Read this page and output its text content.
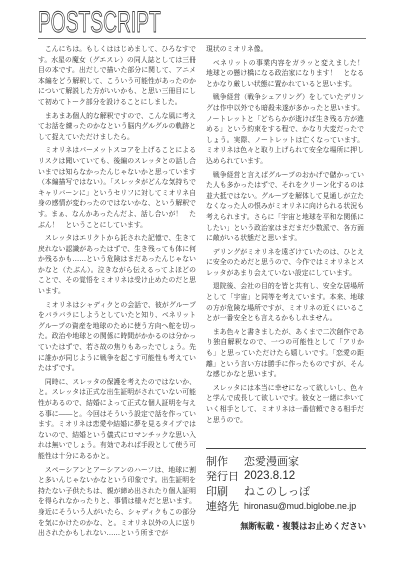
POSTSCRIPT

こんにちは。もしくははじめまして、ひろなすです。水星の魔女（グエスレ）の同人誌としては三冊目の本です。出だしで描いた部分に関して、アニメ本編をどう解釈して、こういう可能性があったのかについて解説した方がいいかも、と思い三冊目にして初めてトーク部分を設けることにしました。

まあまあ個人的な解釈ですので、こんな風に考えてお話を練ったのかなという脳内グルグルの軌跡として捉えていただけましたら。

ミオリネはパーメットスコアを上げることによるリスクは聞いていても、後編のスレッタとの話し合いまでは知らなかったんじゃないかと思っています（本編描写ではない）。「スレッタがどんな気持ちでキャリバーンに」というセリフに対してミオリネ自身の感情が変わったのではないかな、という解釈です。まぁ、なんかあったんだよ、話し合いが！　たぶん！　ということにしています。

スレッタはエリクトから託された記憶で、生きて戻れない認識があったはずで、生き残っても体に何か残るかも……という危険はまだあったんじゃないかなと（たぶん）。泣きながら伝えるってよほどのことで、その覚悟をミオリネは受け止めたのだと思います。

ミオリネはシャディクとの会話で、彼がグループをバラバラにしようとしていたと知り、ベネリットグループの資産を地球のために使う方向へ舵を切った。政治や地球との関係に時間がかかるのは分かっていたはずで、若さ故の焦りもあったでしょう。先に誰かが同じように戦争を起こす可能性も考えていたはずです。

同時に、スレッタの保護を考えたのではないか、と。スレッタは正式な出生証明がされていない可能性があるので、結婚によって正式な個人証明を与える事に――と。今回はそういう設定で話を作っています。ミオリネは恋愛や結婚に夢を見るタイプではないので、結婚という儀式にロマンチックな思い入れは無いでしょう。有効であれば手段として使う可能性は十分にあるかと。

スペーシアンとアーシアンのハーフは、地球に割と多いんじゃないかなという印象です。出生証明を持たない子供たちは、親が締め出されたり個人証明を得られなかったりと、事情は様々だと思います。身近にそういう人がいたら、シャディクもこの部分を気にかけたのかな、と。ミオリネ以外の人に送り出されたかもしれない……という所までが

現状のミオリネ像。

ベネリットの事業内容をガラッと変えました！　地球との懸け橋になる政治家になります！　となるとかなり厳しい状態に置かれていると思います。

戦争経営（戦争シェアリング）をしていたデリングは作中以外でも暗殺未遂が多かったと思います。ノートレットと「どちらかが逝けば生き残る方が進める」という約束をする程で、かなり大変だったでしょう。実際、ノートレットは亡くなっています。ミオリネは色々と取り上げられて安全な場所に押し込められています。

戦争経営と言えばグループのおかげで儲かっていた人も多かったはずで、それをクリーン化するのは並大抵ではない。グループを解体して見通しが立たなくなった人の恨みがミオリネに向けられる状況も考えられます。さらに「宇宙と地球を平和な関係にしたい」という政治家はまだまだ少数派で、各方面に敵がいる状態だと思います。

デリングがミオリネを遠ざけていたのは、ひとえに安全のためだと思うので、今作ではミオリネとスレッタがあまり会えていない設定にしています。

退院後、会社の目的を皆と共有し、安全な居場所として「宇宙」と同等を考えています。本来、地球の方が危険な場所ですが、ミオリネの近くにいることが一番安全とも言えるかもしれません。

まあ色々と書きましたが、あくまで二次創作であり独自解釈なので、一つの可能性として「アリかも」と思っていただけたら嬉しいです。「恋愛の距離」という言い方は勝手に作ったものですが、そんな感じかなと思います。

スレッタには本当に幸せになって欲しいし、色々と学んで成長して欲しいです。彼女と一緒に歩いていく相手として、ミオリネは一番信頼できる相手だと思うので。

制作	恋愛漫画家
発行日 2023.8.12
印刷	ねこのしっぽ
連絡先 hironasu@mud.biglobe.ne.jp
無断転載・複製はお止めください
